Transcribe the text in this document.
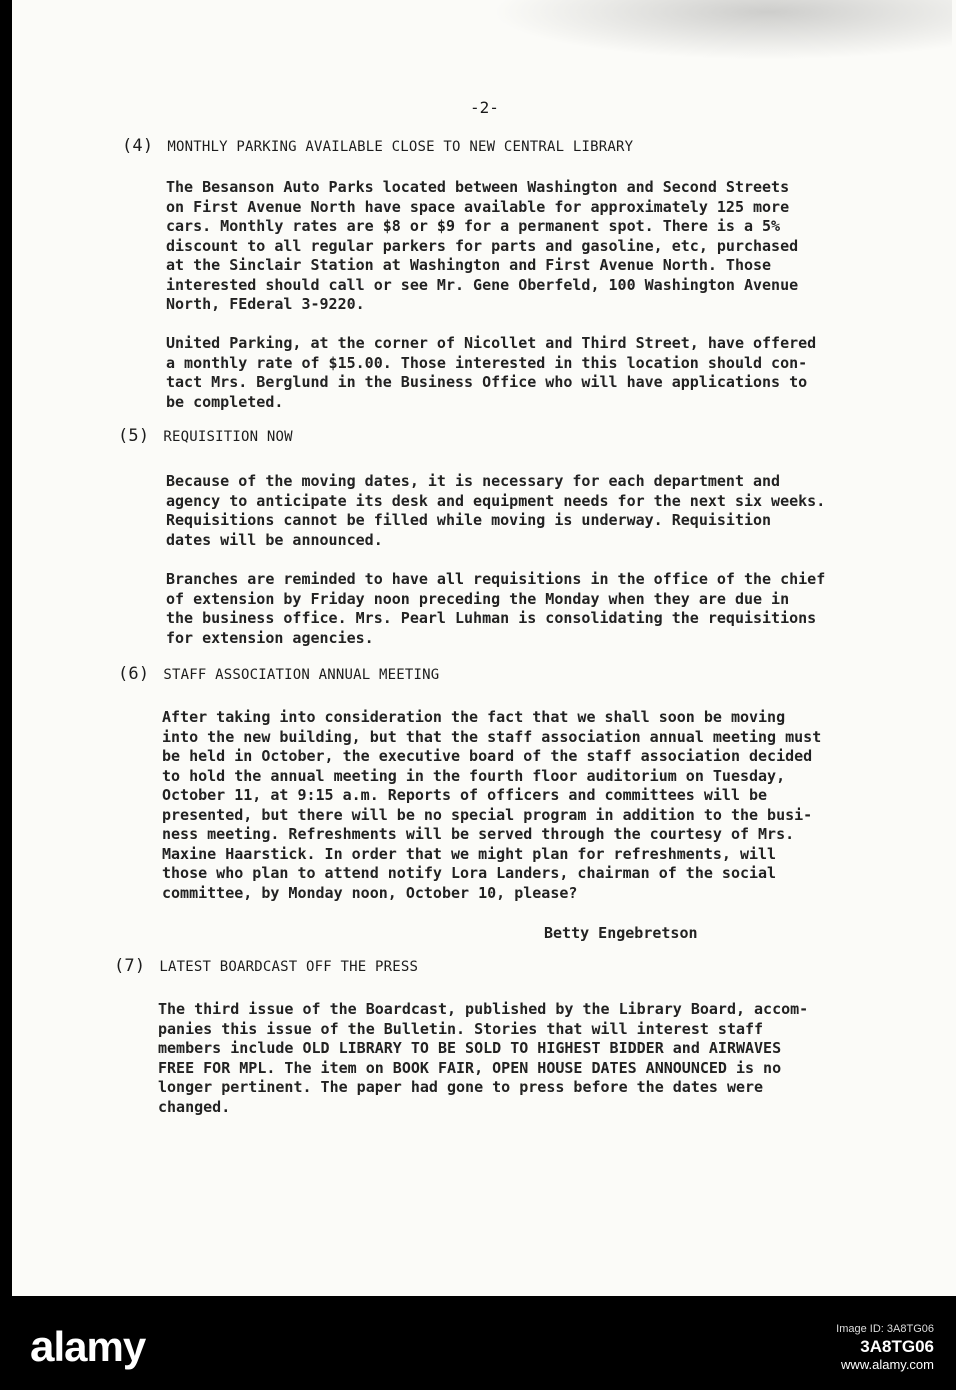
-2-

(4) MONTHLY PARKING AVAILABLE CLOSE TO NEW CENTRAL LIBRARY

The Besanson Auto Parks located between Washington and Second Streets
on First Avenue North have space available for approximately 125 more
cars. Monthly rates are $8 or $9 for a permanent spot. There is a 5%
discount to all regular parkers for parts and gasoline, etc, purchased
at the Sinclair Station at Washington and First Avenue North. Those
interested should call or see Mr. Gene Oberfeld, 100 Washington Avenue
North, FEderal 3-9220.

United Parking, at the corner of Nicollet and Third Street, have offered
a monthly rate of $15.00. Those interested in this location should con-
tact Mrs. Berglund in the Business Office who will have applications to
be completed.

(5) REQUISITION NOW

Because of the moving dates, it is necessary for each department and
agency to anticipate its desk and equipment needs for the next six weeks.
Requisitions cannot be filled while moving is underway. Requisition
dates will be announced.

Branches are reminded to have all requisitions in the office of the chief
of extension by Friday noon preceding the Monday when they are due in
the business office. Mrs. Pearl Luhman is consolidating the requisitions
for extension agencies.

(6) STAFF ASSOCIATION ANNUAL MEETING

After taking into consideration the fact that we shall soon be moving
into the new building, but that the staff association annual meeting must
be held in October, the executive board of the staff association decided
to hold the annual meeting in the fourth floor auditorium on Tuesday,
October 11, at 9:15 a.m. Reports of officers and committees will be
presented, but there will be no special program in addition to the busi-
ness meeting. Refreshments will be served through the courtesy of Mrs.
Maxine Haarstick. In order that we might plan for refreshments, will
those who plan to attend notify Lora Landers, chairman of the social
committee, by Monday noon, October 10, please?

Betty Engebretson

(7) LATEST BOARDCAST OFF THE PRESS

The third issue of the Boardcast, published by the Library Board, accom-
panies this issue of the Bulletin. Stories that will interest staff
members include OLD LIBRARY TO BE SOLD TO HIGHEST BIDDER and AIRWAVES
FREE FOR MPL. The item on BOOK FAIR, OPEN HOUSE DATES ANNOUNCED is no
longer pertinent. The paper had gone to press before the dates were
changed.

alamy	Image ID: 3A8TG06
3A8TG06
www.alamy.com
